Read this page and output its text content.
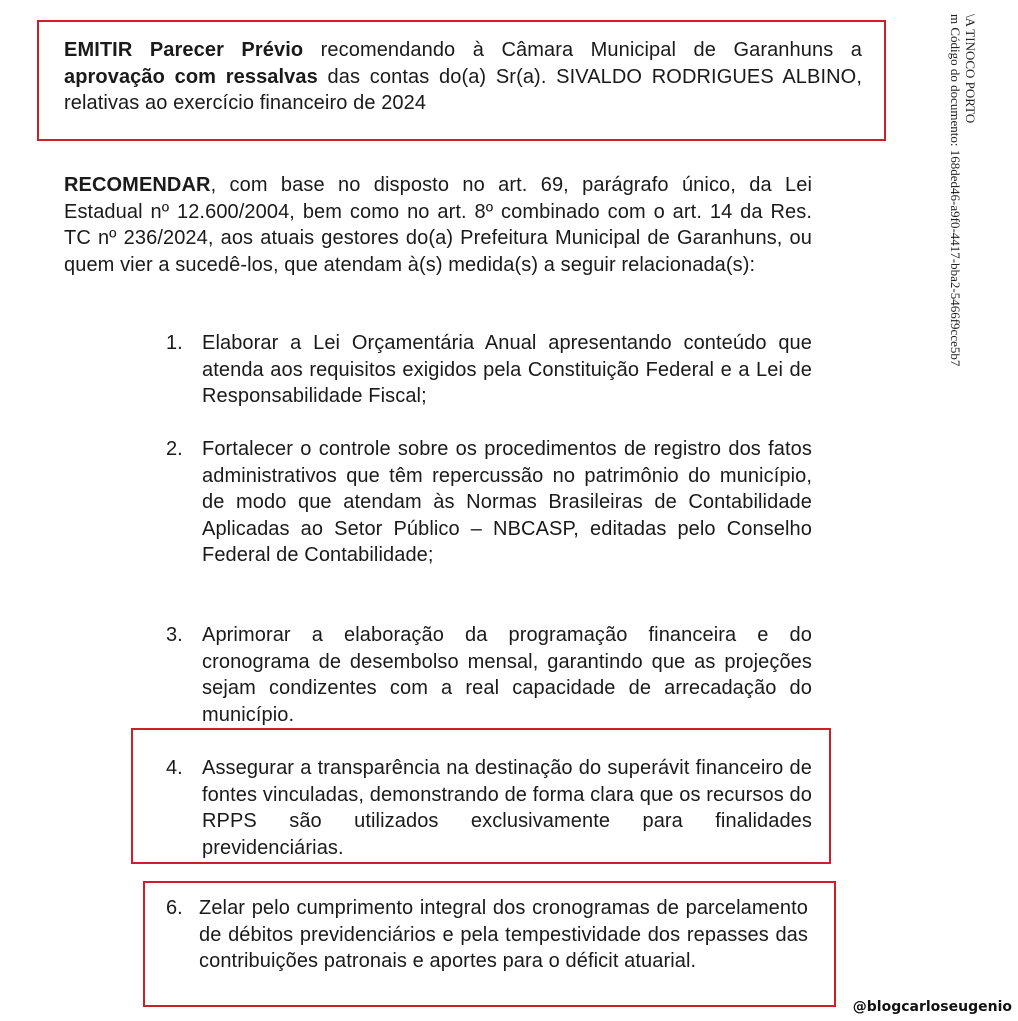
EMITIR Parecer Prévio recomendando à Câmara Municipal de Garanhuns a aprovação com ressalvas das contas do(a) Sr(a). SIVALDO RODRIGUES ALBINO, relativas ao exercício financeiro de 2024
RECOMENDAR, com base no disposto no art. 69, parágrafo único, da Lei Estadual nº 12.600/2004, bem como no art. 8º combinado com o art. 14 da Res. TC nº 236/2024, aos atuais gestores do(a) Prefeitura Municipal de Garanhuns, ou quem vier a sucedê-los, que atendam à(s) medida(s) a seguir relacionada(s):
1. Elaborar a Lei Orçamentária Anual apresentando conteúdo que atenda aos requisitos exigidos pela Constituição Federal e a Lei de Responsabilidade Fiscal;
2. Fortalecer o controle sobre os procedimentos de registro dos fatos administrativos que têm repercussão no patrimônio do município, de modo que atendam às Normas Brasileiras de Contabilidade Aplicadas ao Setor Público – NBCASP, editadas pelo Conselho Federal de Contabilidade;
3. Aprimorar a elaboração da programação financeira e do cronograma de desembolso mensal, garantindo que as projeções sejam condizentes com a real capacidade de arrecadação do município.
4. Assegurar a transparência na destinação do superávit financeiro de fontes vinculadas, demonstrando de forma clara que os recursos do RPPS são utilizados exclusivamente para finalidades previdenciárias.
6. Zelar pelo cumprimento integral dos cronogramas de parcelamento de débitos previdenciários e pela tempestividade dos repasses das contribuições patronais e aportes para o déficit atuarial.
\A TINOCO PORTO
m Código do documento: 168ded46-a9f0-4417-bba2-5466f9cce5b7
@blogcarloseugenio
